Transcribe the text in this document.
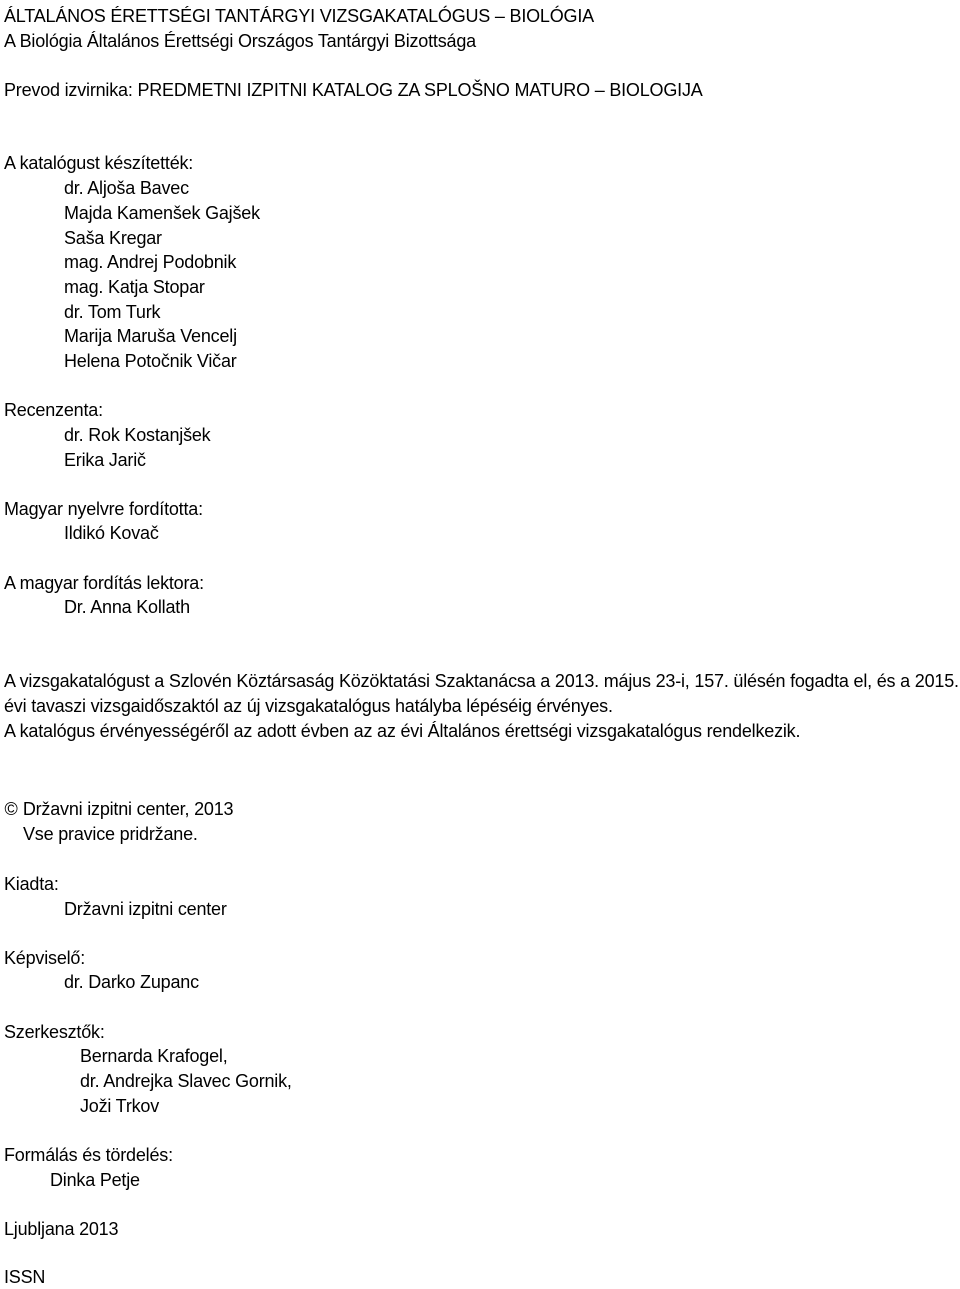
ÁLTALÁNOS ÉRETTSÉGI TANTÁRGYI VIZSGAKATALÓGUS – BIOLÓGIA
A Biológia Általános Érettségi Országos Tantárgyi Bizottsága
Prevod izvirnika: PREDMETNI IZPITNI KATALOG ZA SPLOŠNO MATURO – BIOLOGIJA
A katalógust készítették:
dr. Aljoša Bavec
Majda Kamenšek Gajšek
Saša Kregar
mag. Andrej Podobnik
mag. Katja Stopar
dr. Tom Turk
Marija Maruša Vencelj
Helena Potočnik Vičar
Recenzenta:
dr. Rok Kostanjšek
Erika Jarič
Magyar nyelvre fordította:
Ildikó Kovač
A magyar fordítás lektora:
Dr. Anna Kollath
A vizsgakatalógust a Szlovén Köztársaság Közöktatási Szaktanácsa a 2013. május 23-i, 157. ülésén fogadta el, és a 2015.
évi tavaszi vizsgaidőszaktól az új vizsgakatalógus hatályba lépéséig érvényes.
A katalógus érvényességéről az adott évben az az évi Általános érettségi vizsgakatalógus rendelkezik.
© Državni izpitni center, 2013
Vse pravice pridržane.
Kiadta:
Državni izpitni center
Képviselő:
dr. Darko Zupanc
Szerkesztők:
Bernarda Krafogel,
dr. Andrejka Slavec Gornik,
Joži Trkov
Formálás és tördelés:
Dinka Petje
Ljubljana 2013
ISSN
